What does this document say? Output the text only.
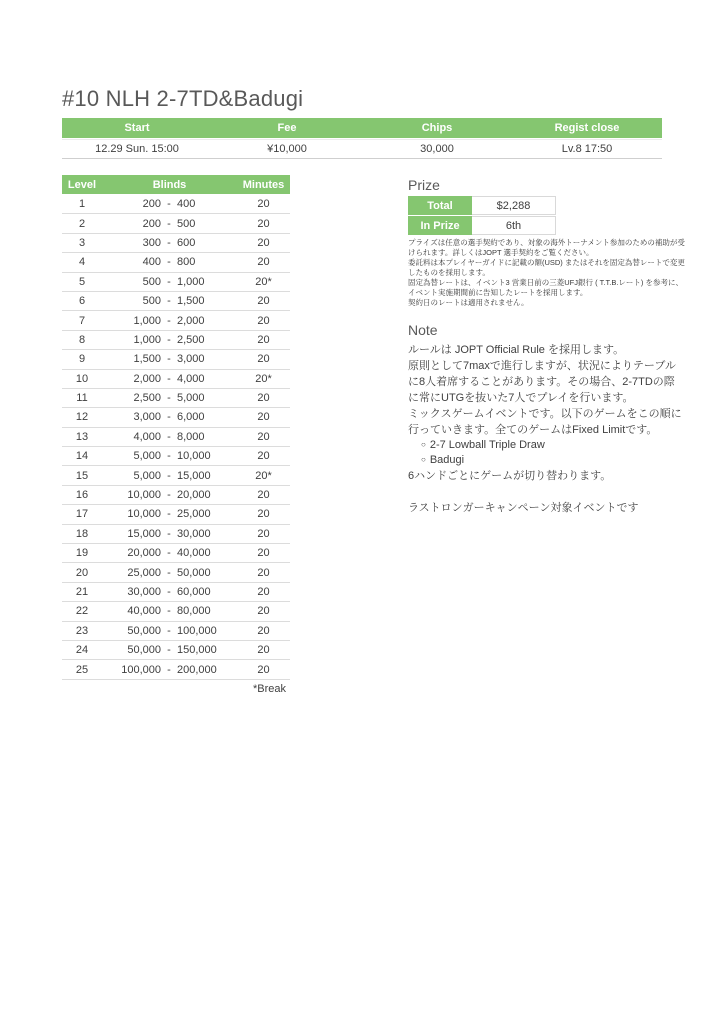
#10 NLH 2-7TD&Badugi
Start	Fee	Chips	Regist close
12.29 Sun. 15:00	¥10,000	30,000	Lv.8 17:50
Level	Blinds	Minutes
1	200 - 400	20
2	200 - 500	20
3	300 - 600	20
4	400 - 800	20
5	500 - 1,000	20*
6	500 - 1,500	20
7	1,000 - 2,000	20
8	1,000 - 2,500	20
9	1,500 - 3,000	20
10	2,000 - 4,000	20*
11	2,500 - 5,000	20
12	3,000 - 6,000	20
13	4,000 - 8,000	20
14	5,000 - 10,000	20
15	5,000 - 15,000	20*
16	10,000 - 20,000	20
17	10,000 - 25,000	20
18	15,000 - 30,000	20
19	20,000 - 40,000	20
20	25,000 - 50,000	20
21	30,000 - 60,000	20
22	40,000 - 80,000	20
23	50,000 - 100,000	20
24	50,000 - 150,000	20
25	100,000 - 200,000	20
*Break
Prize
Total	$2,288
In Prize	6th

プライズは任意の選手契約であり、対象の海外トーナメント参加のための補助が受けられます。詳しくはJOPT 選手契約をご覧ください。

委託料は本プレイヤーガイドに記載の額(USD) またはそれを固定為替レートで変更したものを採用します。

固定為替レートは、イベント3 営業日前の三菱UFJ銀行 ( T.T.B.レート) を参考に、イベント実施期間前に告知したレートを採用します。

契約日のレートは適用されません。

Note
ルールは JOPT Official Rule を採用します。
原則として7maxで進行しますが、状況によりテーブルに8人着席することがあります。その場合、2-7TDの際に常にUTGを抜いた7人でプレイを行います。
ミックスゲームイベントです。以下のゲームをこの順に行っていきます。全てのゲームはFixed Limitです。
○ 2-7 Lowball Triple Draw
○ Badugi
6ハンドごとにゲームが切り替わります。
ラストロンガーキャンペーン対象イベントです
